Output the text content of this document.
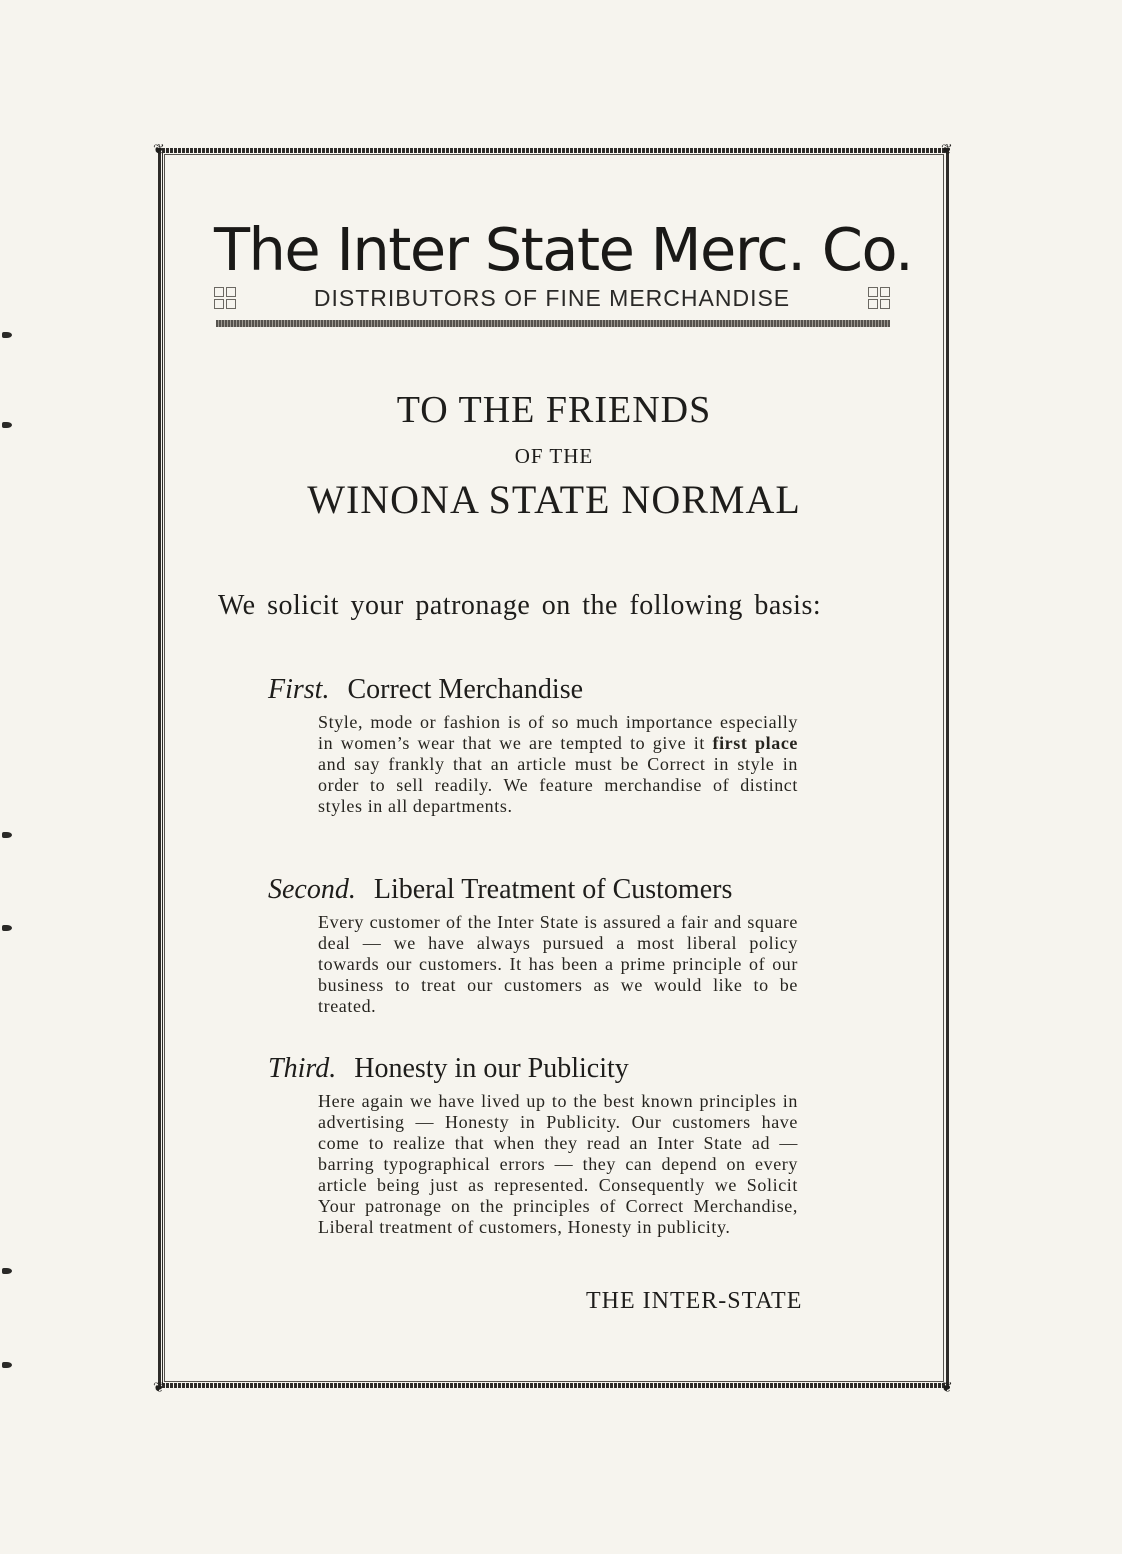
❦	❦
❦	❦
The Inter State Merc. Co.
DISTRIBUTORS OF FINE MERCHANDISE
TO THE FRIENDS
OF THE
WINONA STATE NORMAL
We solicit your patronage on the following basis:
First. Correct Merchandise
Style, mode or fashion is of so much importance especially in women’s wear that we are tempted to give it first place and say frankly that an article must be Correct in style in order to sell readily. We feature merchandise of distinct styles in all departments.
Second. Liberal Treatment of Customers
Every customer of the Inter State is assured a fair and square deal — we have always pursued a most liberal policy towards our customers. It has been a prime principle of our business to treat our customers as we would like to be treated.
Third. Honesty in our Publicity
Here again we have lived up to the best known principles in advertising — Honesty in Publicity. Our customers have come to realize that when they read an Inter State ad — barring typographical errors — they can depend on every article being just as represented. Consequently we Solicit Your patronage on the principles of Correct Merchandise, Liberal treatment of customers, Honesty in publicity.
THE INTER-STATE
